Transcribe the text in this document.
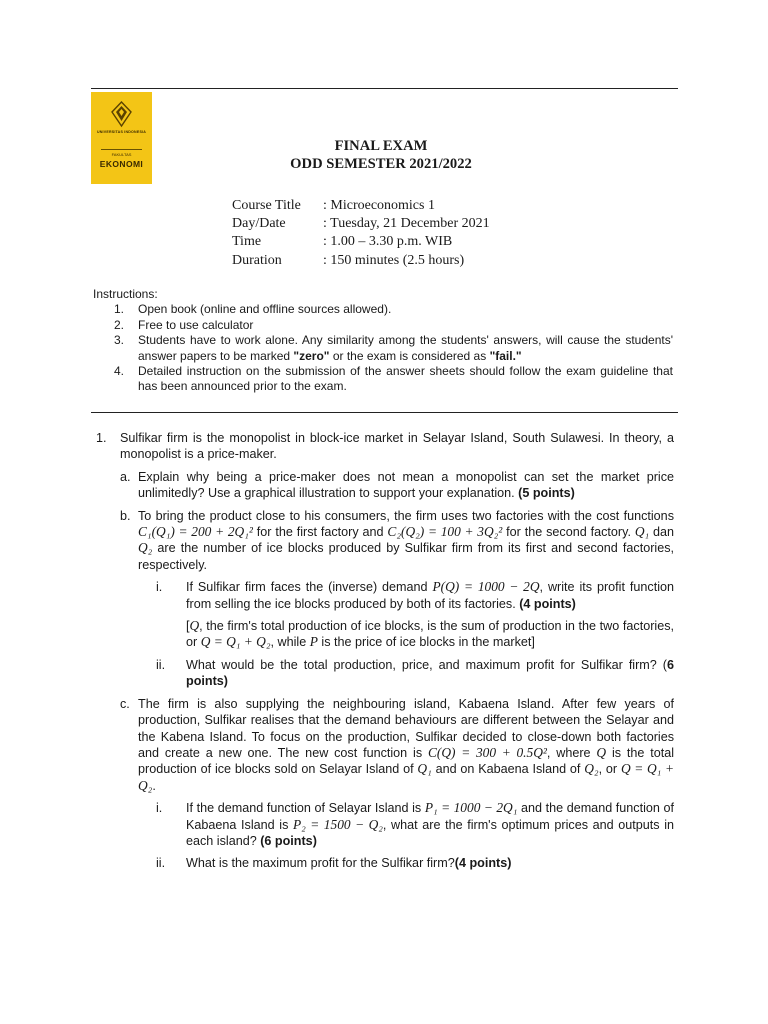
UNIVERSITAS INDONESIA
FAKULTAS
EKONOMI
FINAL EXAM
ODD SEMESTER 2021/2022
Course Title	: Microeconomics 1
Day/Date	: Tuesday, 21 December 2021
Time	: 1.00 – 3.30 p.m. WIB
Duration	: 150 minutes (2.5 hours)
Instructions:
1.	Open book (online and offline sources allowed).
2.	Free to use calculator
3.	Students have to work alone. Any similarity among the students' answers, will cause the students' answer papers to be marked "zero" or the exam is considered as "fail."
4.	Detailed instruction on the submission of the answer sheets should follow the exam guideline that has been announced prior to the exam.
1.	Sulfikar firm is the monopolist in block-ice market in Selayar Island, South Sulawesi. In theory, a monopolist is a price-maker.
a. Explain why being a price-maker does not mean a monopolist can set the market price unlimitedly? Use a graphical illustration to support your explanation. (5 points)
b. To bring the product close to his consumers, the firm uses two factories with the cost functions C₁(Q₁) = 200 + 2Q₁² for the first factory and C₂(Q₂) = 100 + 3Q₂² for the second factory. Q₁ dan Q₂ are the number of ice blocks produced by Sulfikar firm from its first and second factories, respectively.
i.	If Sulfikar firm faces the (inverse) demand P(Q) = 1000 − 2Q, write its profit function from selling the ice blocks produced by both of its factories. (4 points)
[Q, the firm's total production of ice blocks, is the sum of production in the two factories, or Q = Q₁ + Q₂, while P is the price of ice blocks in the market]
ii.	What would be the total production, price, and maximum profit for Sulfikar firm? (6 points)
c. The firm is also supplying the neighbouring island, Kabaena Island. After few years of production, Sulfikar realises that the demand behaviours are different between the Selayar and the Kabena Island. To focus on the production, Sulfikar decided to close-down both factories and create a new one. The new cost function is C(Q) = 300 + 0.5Q², where Q is the total production of ice blocks sold on Selayar Island of Q₁ and on Kabaena Island of Q₂, or Q = Q₁ + Q₂.
i.	If the demand function of Selayar Island is P₁ = 1000 − 2Q₁ and the demand function of Kabaena Island is P₂ = 1500 − Q₂, what are the firm's optimum prices and outputs in each island? (6 points)
ii.	What is the maximum profit for the Sulfikar firm?(4 points)
